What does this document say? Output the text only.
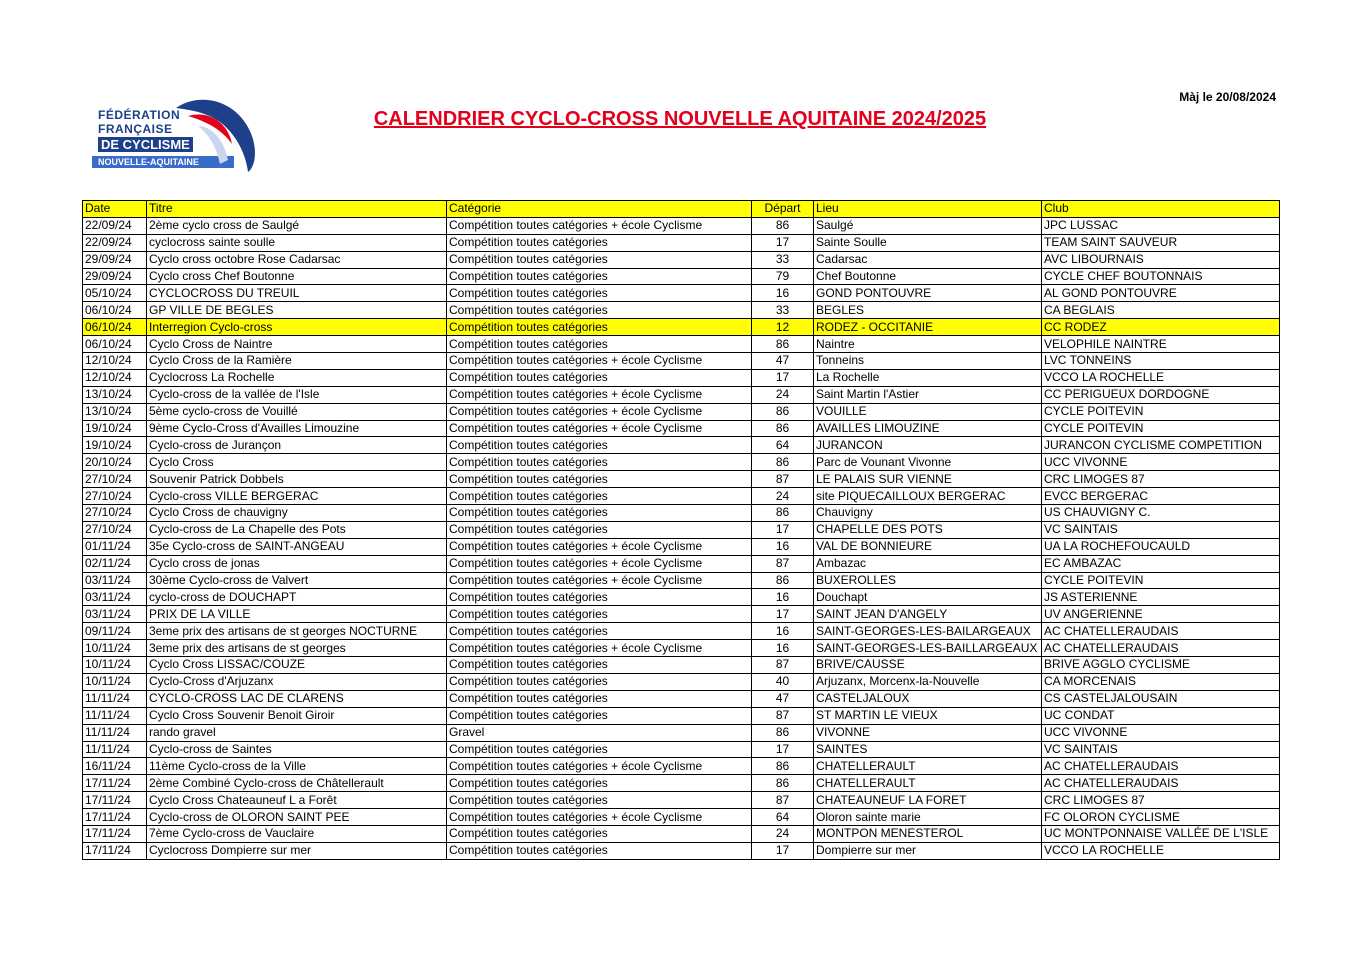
FÉDÉRATION
FRANÇAISE
DE CYCLISME
NOUVELLE-AQUITAINE
Màj le 20/08/2024
CALENDRIER CYCLO-CROSS NOUVELLE AQUITAINE 2024/2025
Date	Titre	Catégorie	Départ	Lieu	Club
22/09/24	2ème cyclo cross de Saulgé	Compétition toutes catégories + école Cyclisme	86	Saulgé	JPC LUSSAC
22/09/24	cyclocross sainte soulle	Compétition toutes catégories	17	Sainte Soulle	TEAM SAINT SAUVEUR
29/09/24	Cyclo cross octobre Rose Cadarsac	Compétition toutes catégories	33	Cadarsac	AVC LIBOURNAIS
29/09/24	Cyclo cross Chef Boutonne	Compétition toutes catégories	79	Chef Boutonne	CYCLE CHEF BOUTONNAIS
05/10/24	CYCLOCROSS DU TREUIL	Compétition toutes catégories	16	GOND PONTOUVRE	AL GOND PONTOUVRE
06/10/24	GP VILLE DE BEGLES	Compétition toutes catégories	33	BEGLES	CA BEGLAIS
06/10/24	Interregion Cyclo-cross	Compétition toutes catégories	12	RODEZ - OCCITANIE	CC RODEZ
06/10/24	Cyclo Cross de Naintre	Compétition toutes catégories	86	Naintre	VELOPHILE NAINTRE
12/10/24	Cyclo Cross de la Ramière	Compétition toutes catégories + école Cyclisme	47	Tonneins	LVC TONNEINS
12/10/24	Cyclocross La Rochelle	Compétition toutes catégories	17	La Rochelle	VCCO LA ROCHELLE
13/10/24	Cyclo-cross de la vallée de l'Isle	Compétition toutes catégories + école Cyclisme	24	Saint Martin l'Astier	CC PERIGUEUX DORDOGNE
13/10/24	5ème cyclo-cross de Vouillé	Compétition toutes catégories + école Cyclisme	86	VOUILLE	CYCLE POITEVIN
19/10/24	9ème Cyclo-Cross d'Availles Limouzine	Compétition toutes catégories + école Cyclisme	86	AVAILLES LIMOUZINE	CYCLE POITEVIN
19/10/24	Cyclo-cross de Jurançon	Compétition toutes catégories	64	JURANCON	JURANCON CYCLISME COMPETITION
20/10/24	Cyclo Cross	Compétition toutes catégories	86	Parc de Vounant Vivonne	UCC VIVONNE
27/10/24	Souvenir Patrick Dobbels	Compétition toutes catégories	87	LE PALAIS SUR VIENNE	CRC LIMOGES 87
27/10/24	Cyclo-cross VILLE BERGERAC	Compétition toutes catégories	24	site PIQUECAILLOUX BERGERAC	EVCC BERGERAC
27/10/24	Cyclo Cross de chauvigny	Compétition toutes catégories	86	Chauvigny	US CHAUVIGNY C.
27/10/24	Cyclo-cross de La Chapelle des Pots	Compétition toutes catégories	17	CHAPELLE DES POTS	VC SAINTAIS
01/11/24	35e Cyclo-cross de SAINT-ANGEAU	Compétition toutes catégories + école Cyclisme	16	VAL DE BONNIEURE	UA LA ROCHEFOUCAULD
02/11/24	Cyclo cross de jonas	Compétition toutes catégories + école Cyclisme	87	Ambazac	EC AMBAZAC
03/11/24	30ème Cyclo-cross de Valvert	Compétition toutes catégories + école Cyclisme	86	BUXEROLLES	CYCLE POITEVIN
03/11/24	cyclo-cross de DOUCHAPT	Compétition toutes catégories	16	Douchapt	JS ASTERIENNE
03/11/24	PRIX DE LA VILLE	Compétition toutes catégories	17	SAINT JEAN D'ANGELY	UV ANGERIENNE
09/11/24	3eme prix des artisans de st georges NOCTURNE	Compétition toutes catégories	16	SAINT-GEORGES-LES-BAILARGEAUX	AC CHATELLERAUDAIS
10/11/24	3eme prix des artisans de st georges	Compétition toutes catégories + école Cyclisme	16	SAINT-GEORGES-LES-BAILLARGEAUX	AC CHATELLERAUDAIS
10/11/24	Cyclo Cross LISSAC/COUZE	Compétition toutes catégories	87	BRIVE/CAUSSE	BRIVE AGGLO CYCLISME
10/11/24	Cyclo-Cross d'Arjuzanx	Compétition toutes catégories	40	Arjuzanx, Morcenx-la-Nouvelle	CA MORCENAIS
11/11/24	CYCLO-CROSS LAC DE CLARENS	Compétition toutes catégories	47	CASTELJALOUX	CS CASTELJALOUSAIN
11/11/24	Cyclo Cross Souvenir Benoit Giroir	Compétition toutes catégories	87	ST MARTIN LE VIEUX	UC CONDAT
11/11/24	rando gravel	Gravel	86	VIVONNE	UCC VIVONNE
11/11/24	Cyclo-cross de Saintes	Compétition toutes catégories	17	SAINTES	VC SAINTAIS
16/11/24	11ème Cyclo-cross de la Ville	Compétition toutes catégories + école Cyclisme	86	CHATELLERAULT	AC CHATELLERAUDAIS
17/11/24	2ème Combiné Cyclo-cross de Châtellerault	Compétition toutes catégories	86	CHATELLERAULT	AC CHATELLERAUDAIS
17/11/24	Cyclo Cross Chateauneuf L a Forêt	Compétition toutes catégories	87	CHATEAUNEUF LA FORET	CRC LIMOGES 87
17/11/24	Cyclo-cross de OLORON SAINT PEE	Compétition toutes catégories + école Cyclisme	64	Oloron sainte marie	FC OLORON CYCLISME
17/11/24	7ème Cyclo-cross de Vauclaire	Compétition toutes catégories	24	MONTPON MENESTEROL	UC MONTPONNAISE VALLÉE DE L'ISLE
17/11/24	Cyclocross Dompierre sur mer	Compétition toutes catégories	17	Dompierre sur mer	VCCO LA ROCHELLE
